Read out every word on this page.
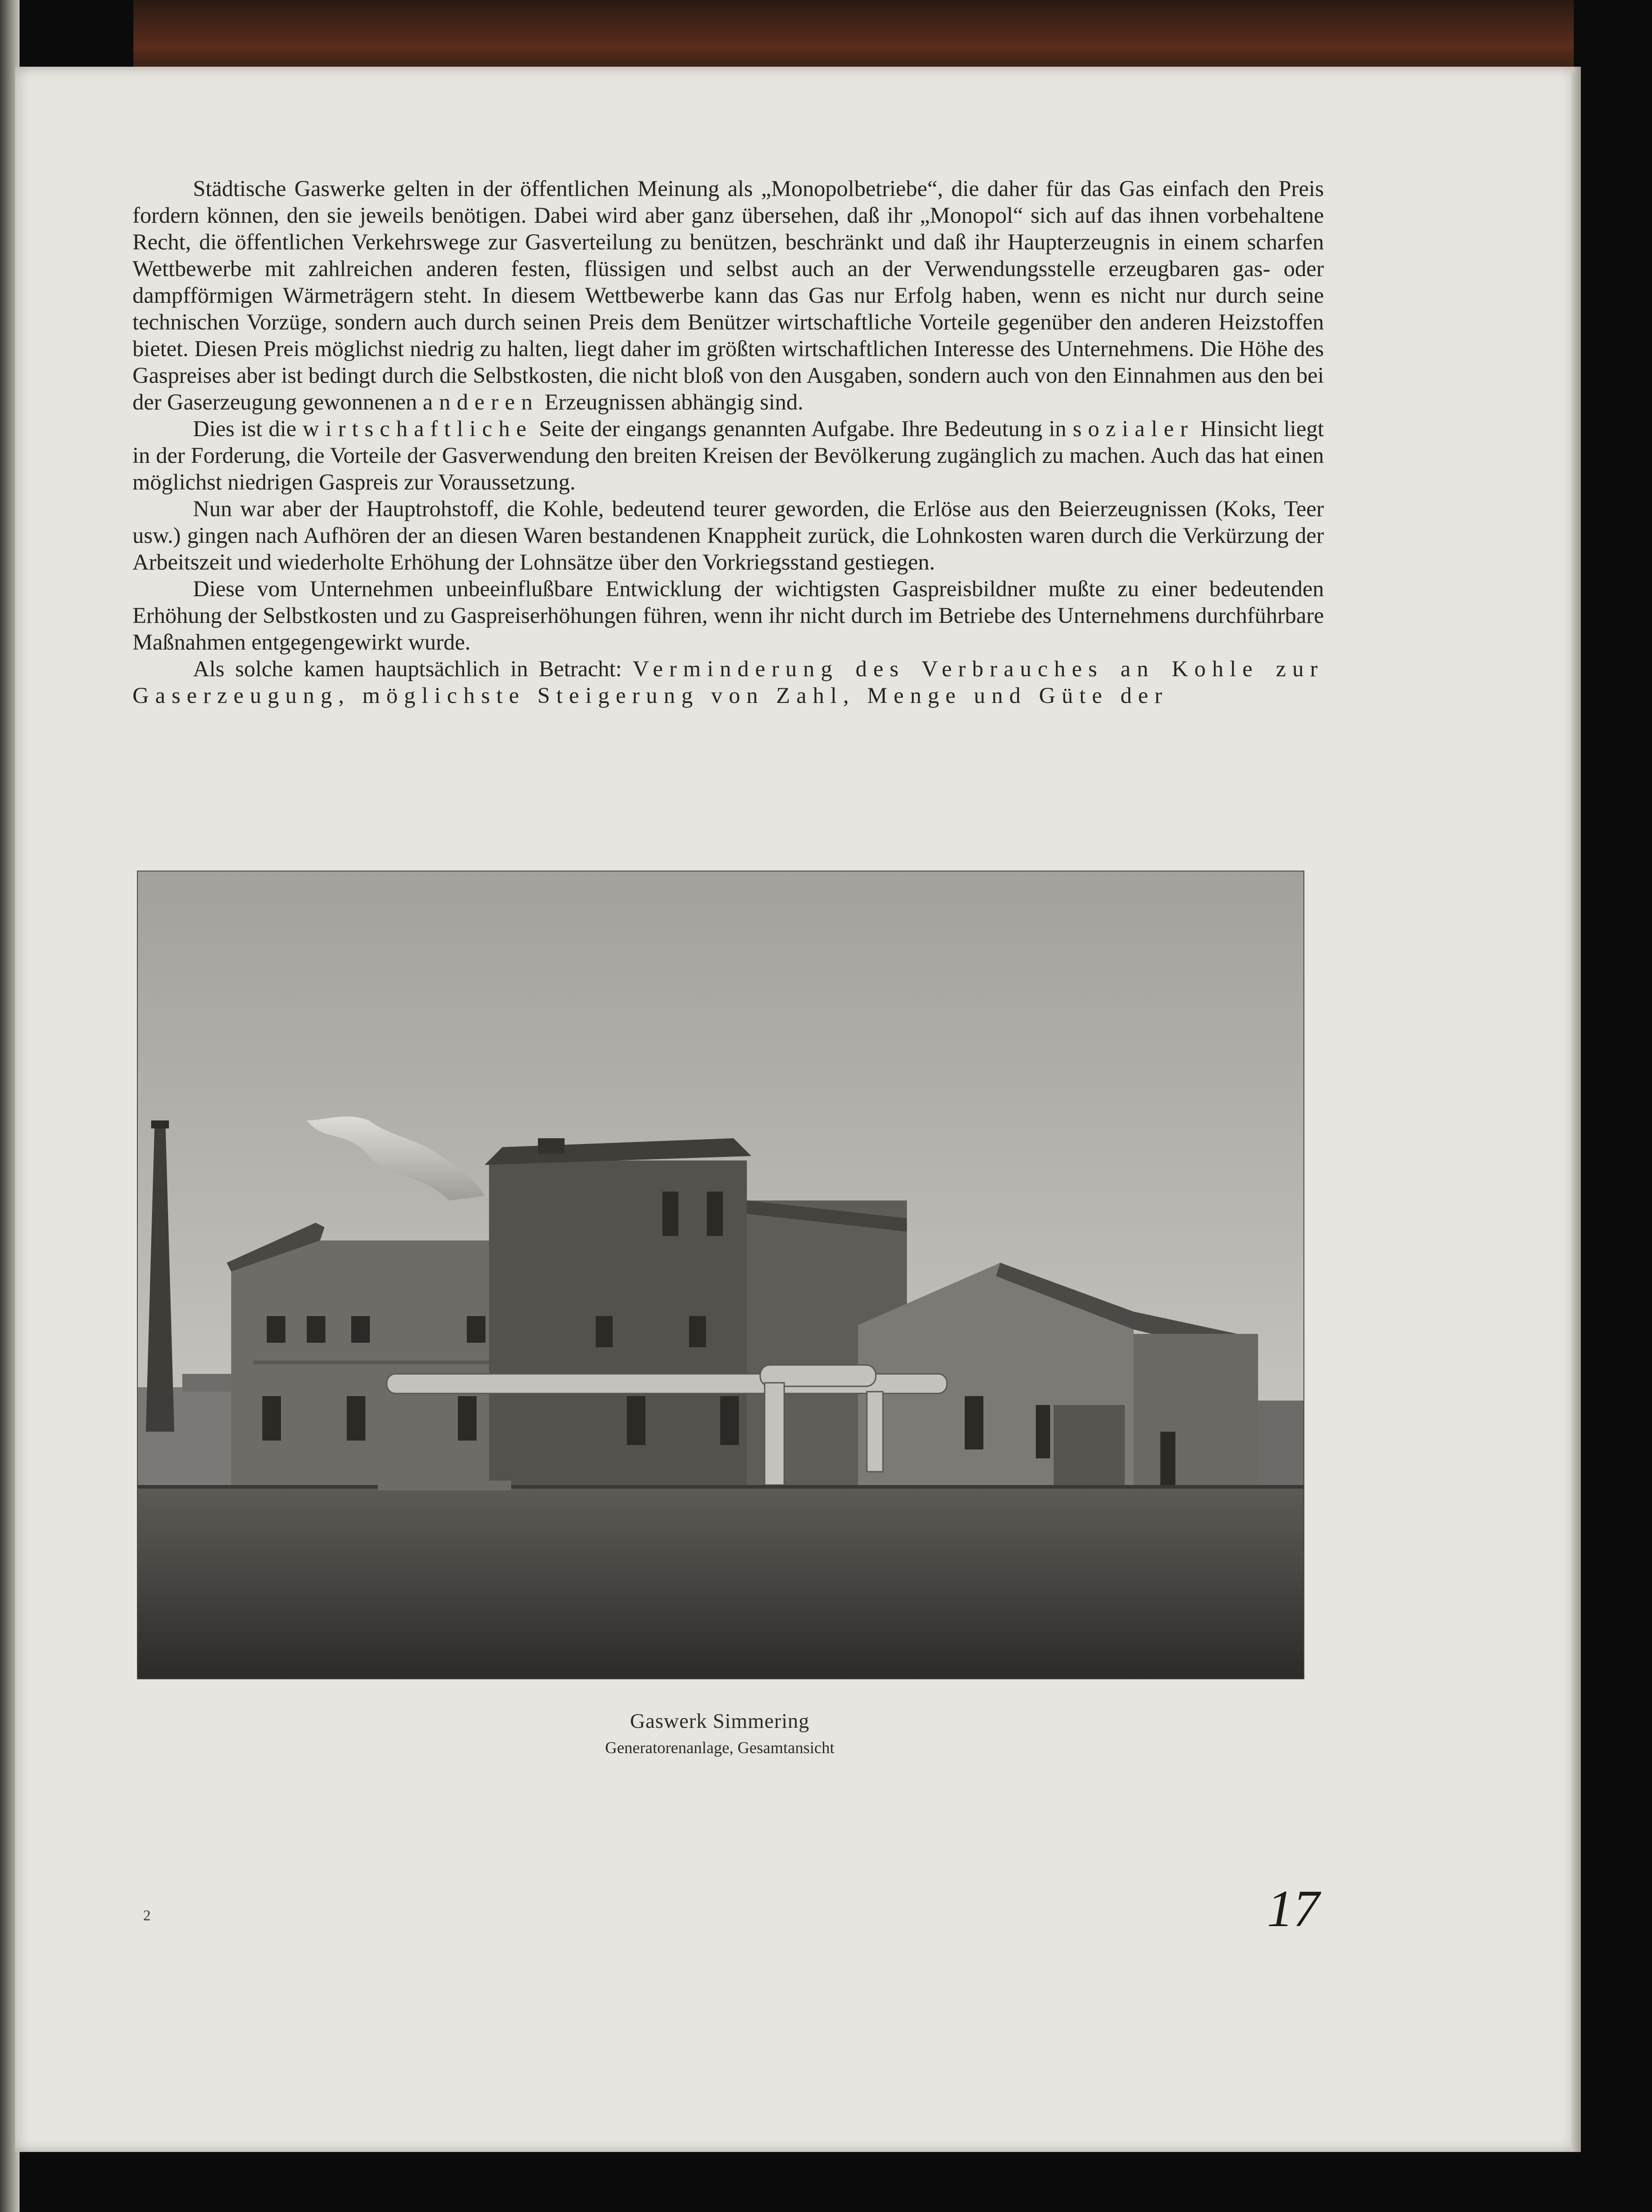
Städtische Gaswerke gelten in der öffentlichen Meinung als „Monopolbetriebe“, die daher für das Gas einfach den Preis fordern können, den sie jeweils benötigen. Dabei wird aber ganz übersehen, daß ihr „Monopol“ sich auf das ihnen vorbehaltene Recht, die öffentlichen Verkehrswege zur Gasverteilung zu benützen, beschränkt und daß ihr Haupterzeugnis in einem scharfen Wettbewerbe mit zahlreichen anderen festen, flüssigen und selbst auch an der Verwendungsstelle erzeugbaren gas- oder dampfförmigen Wärmeträgern steht. In diesem Wettbewerbe kann das Gas nur Erfolg haben, wenn es nicht nur durch seine technischen Vorzüge, sondern auch durch seinen Preis dem Benützer wirtschaftliche Vorteile gegenüber den anderen Heizstoffen bietet. Diesen Preis möglichst niedrig zu halten, liegt daher im größten wirtschaftlichen Interesse des Unternehmens. Die Höhe des Gaspreises aber ist bedingt durch die Selbstkosten, die nicht bloß von den Ausgaben, sondern auch von den Einnahmen aus den bei der Gaserzeugung gewonnenen anderen Erzeugnissen abhängig sind.

Dies ist die wirtschaftliche Seite der eingangs genannten Aufgabe. Ihre Bedeutung in sozialer Hinsicht liegt in der Forderung, die Vorteile der Gasverwendung den breiten Kreisen der Bevölkerung zugänglich zu machen. Auch das hat einen möglichst niedrigen Gaspreis zur Voraussetzung.

Nun war aber der Hauptrohstoff, die Kohle, bedeutend teurer geworden, die Erlöse aus den Beierzeugnissen (Koks, Teer usw.) gingen nach Aufhören der an diesen Waren bestandenen Knappheit zurück, die Lohnkosten waren durch die Verkürzung der Arbeitszeit und wiederholte Erhöhung der Lohnsätze über den Vorkriegsstand gestiegen.

Diese vom Unternehmen unbeeinflußbare Entwicklung der wichtigsten Gaspreisbildner mußte zu einer bedeutenden Erhöhung der Selbstkosten und zu Gaspreiserhöhungen führen, wenn ihr nicht durch im Betriebe des Unternehmens durchführbare Maßnahmen entgegengewirkt wurde.

Als solche kamen hauptsächlich in Betracht: Verminderung des Verbrauches an Kohle zur Gaserzeugung, möglichste Steigerung von Zahl, Menge und Güte der

Gaswerk Simmering
Generatorenanlage, Gesamtansicht
2	17
